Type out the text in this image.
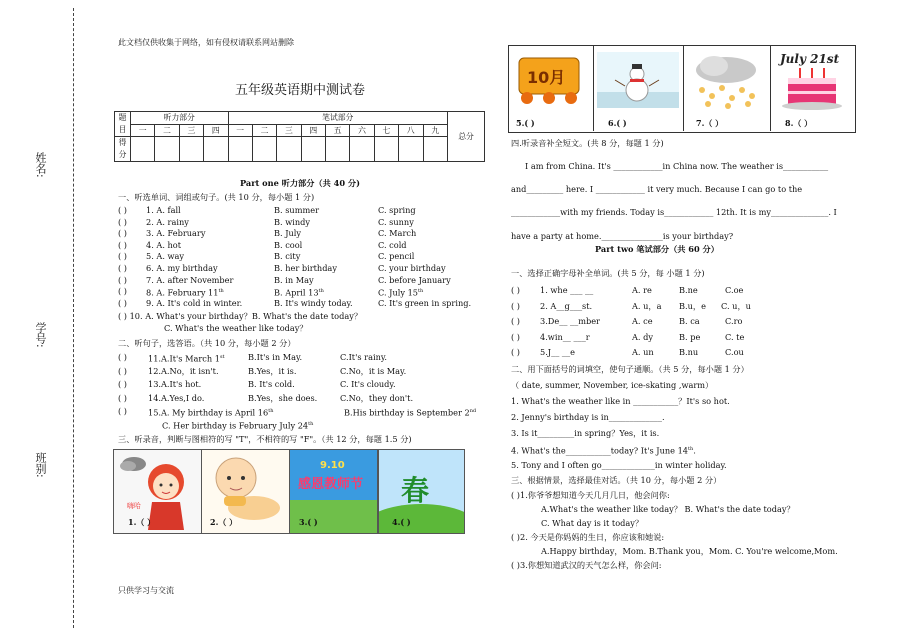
姓名:
学号:
班别:
此文档仅供收集于网络，如有侵权请联系网站删除
只供学习与交流
五年级英语期中测试卷
题目	听力部分				笔试部分									总分
	一	二	三	四	一	二	三	四	五	六	七	八	九	
得分														
Part one 听力部分（共 40 分)
一、听选单词、词组或句子。(共 10 分，每小题 1 分)
( ) 1. A. fall	B. summer	C. spring
( ) 2. A. rainy	B. windy	C. sunny
( ) 3. A. February	B. July	C. March
( ) 4. A. hot	B. cool	C. cold
( ) 5. A. way	B. city	C. pencil
( ) 6. A. my birthday	B. her birthday	C. your birthday
( ) 7. A. after November	B. in May	C. before January
( ) 8. A. February 11th	B. April 13th	C. July 15th
( ) 9. A. It's cold in winter.	B. It's windy today.	C. It's green in spring.
( ) 10. A. What's your birthday？B. What's the date today？
C. What's the weather like today？
二、听句子，选答语。（共 10 分，每小题 2 分）
( )	11.A.It's March 1st	B.It's in May.	C.It's rainy.
( )	12.A.No，it isn't.	B.Yes，it is.	C.No，it is May.
( )	13.A.It's hot.	B. It's cold.	C. It's cloudy.
( )	14.A.Yes,I do.	B.Yes，she does.	C.No，they don't.
( )	15.A. My birthday is April 16th	B.His birthday is September 2nd
C. Her birthday is February July 24th
三、听录音，判断与图相符的写 "T"，不相符的写 "F"。（共 12 分，每题 1.5 分)
嗨哈
1.（ ）	2.（ ）
9.10
感恩教师节
3.( )
春
4.( )
10月
5.( )	6.( )	7.（ ）
July 21st
8.（ ）
四.听录音补全短文。(共 8 分，每题 1 分)
I am from China. It's ____________in China now. The weather is___________
and_________ here. I ____________ it very much. Because I can go to the
____________with my friends. Today is____________ 12th. It is my______________. I
have a party at home._______________is your birthday?
Part two 笔试部分（共 60 分）
一、选择正确字母补全单词。(共 5 分，每 小题 1 分)
( ) 1. whe ___ __	A. re	B.ne	C.oe
( ) 2. A__g___st.	A. u，a B.u，e C. u，u
( ) 3.De__ __mber	A. ce	B. ca	C.ro
( ) 4.win__ ___r	A. dy	B. pe	C. te
( ) 5.J__ __e	A. un	B.nu	C.ou
二、用下面括号的词填空，使句子通顺。（共 5 分，每小题 1 分）
（ date, summer, November, ice-skating ,warm）
1. What's the weather like in ___________？It's so hot.
2. Jenny's birthday is in_____________.
3. Is it_________in spring？Yes，it is.
4. What's the___________today? It's June 14th.
5. Tony and I often go_____________in winter holiday.
三、根据情景，选择最佳对话。（共 10 分，每小题 2 分）
( )1.你爷爷想知道今天几月几日，他会问你:
A.What's the weather like today？ B. What's the date today？
C. What day is it today？
( )2. 今天是你妈妈的生日，你应该和她说:
A.Happy birthday，Mom. B.Thank you，Mom. C. You're welcome,Mom.
( )3.你想知道武汉的天气怎么样，你会问:
